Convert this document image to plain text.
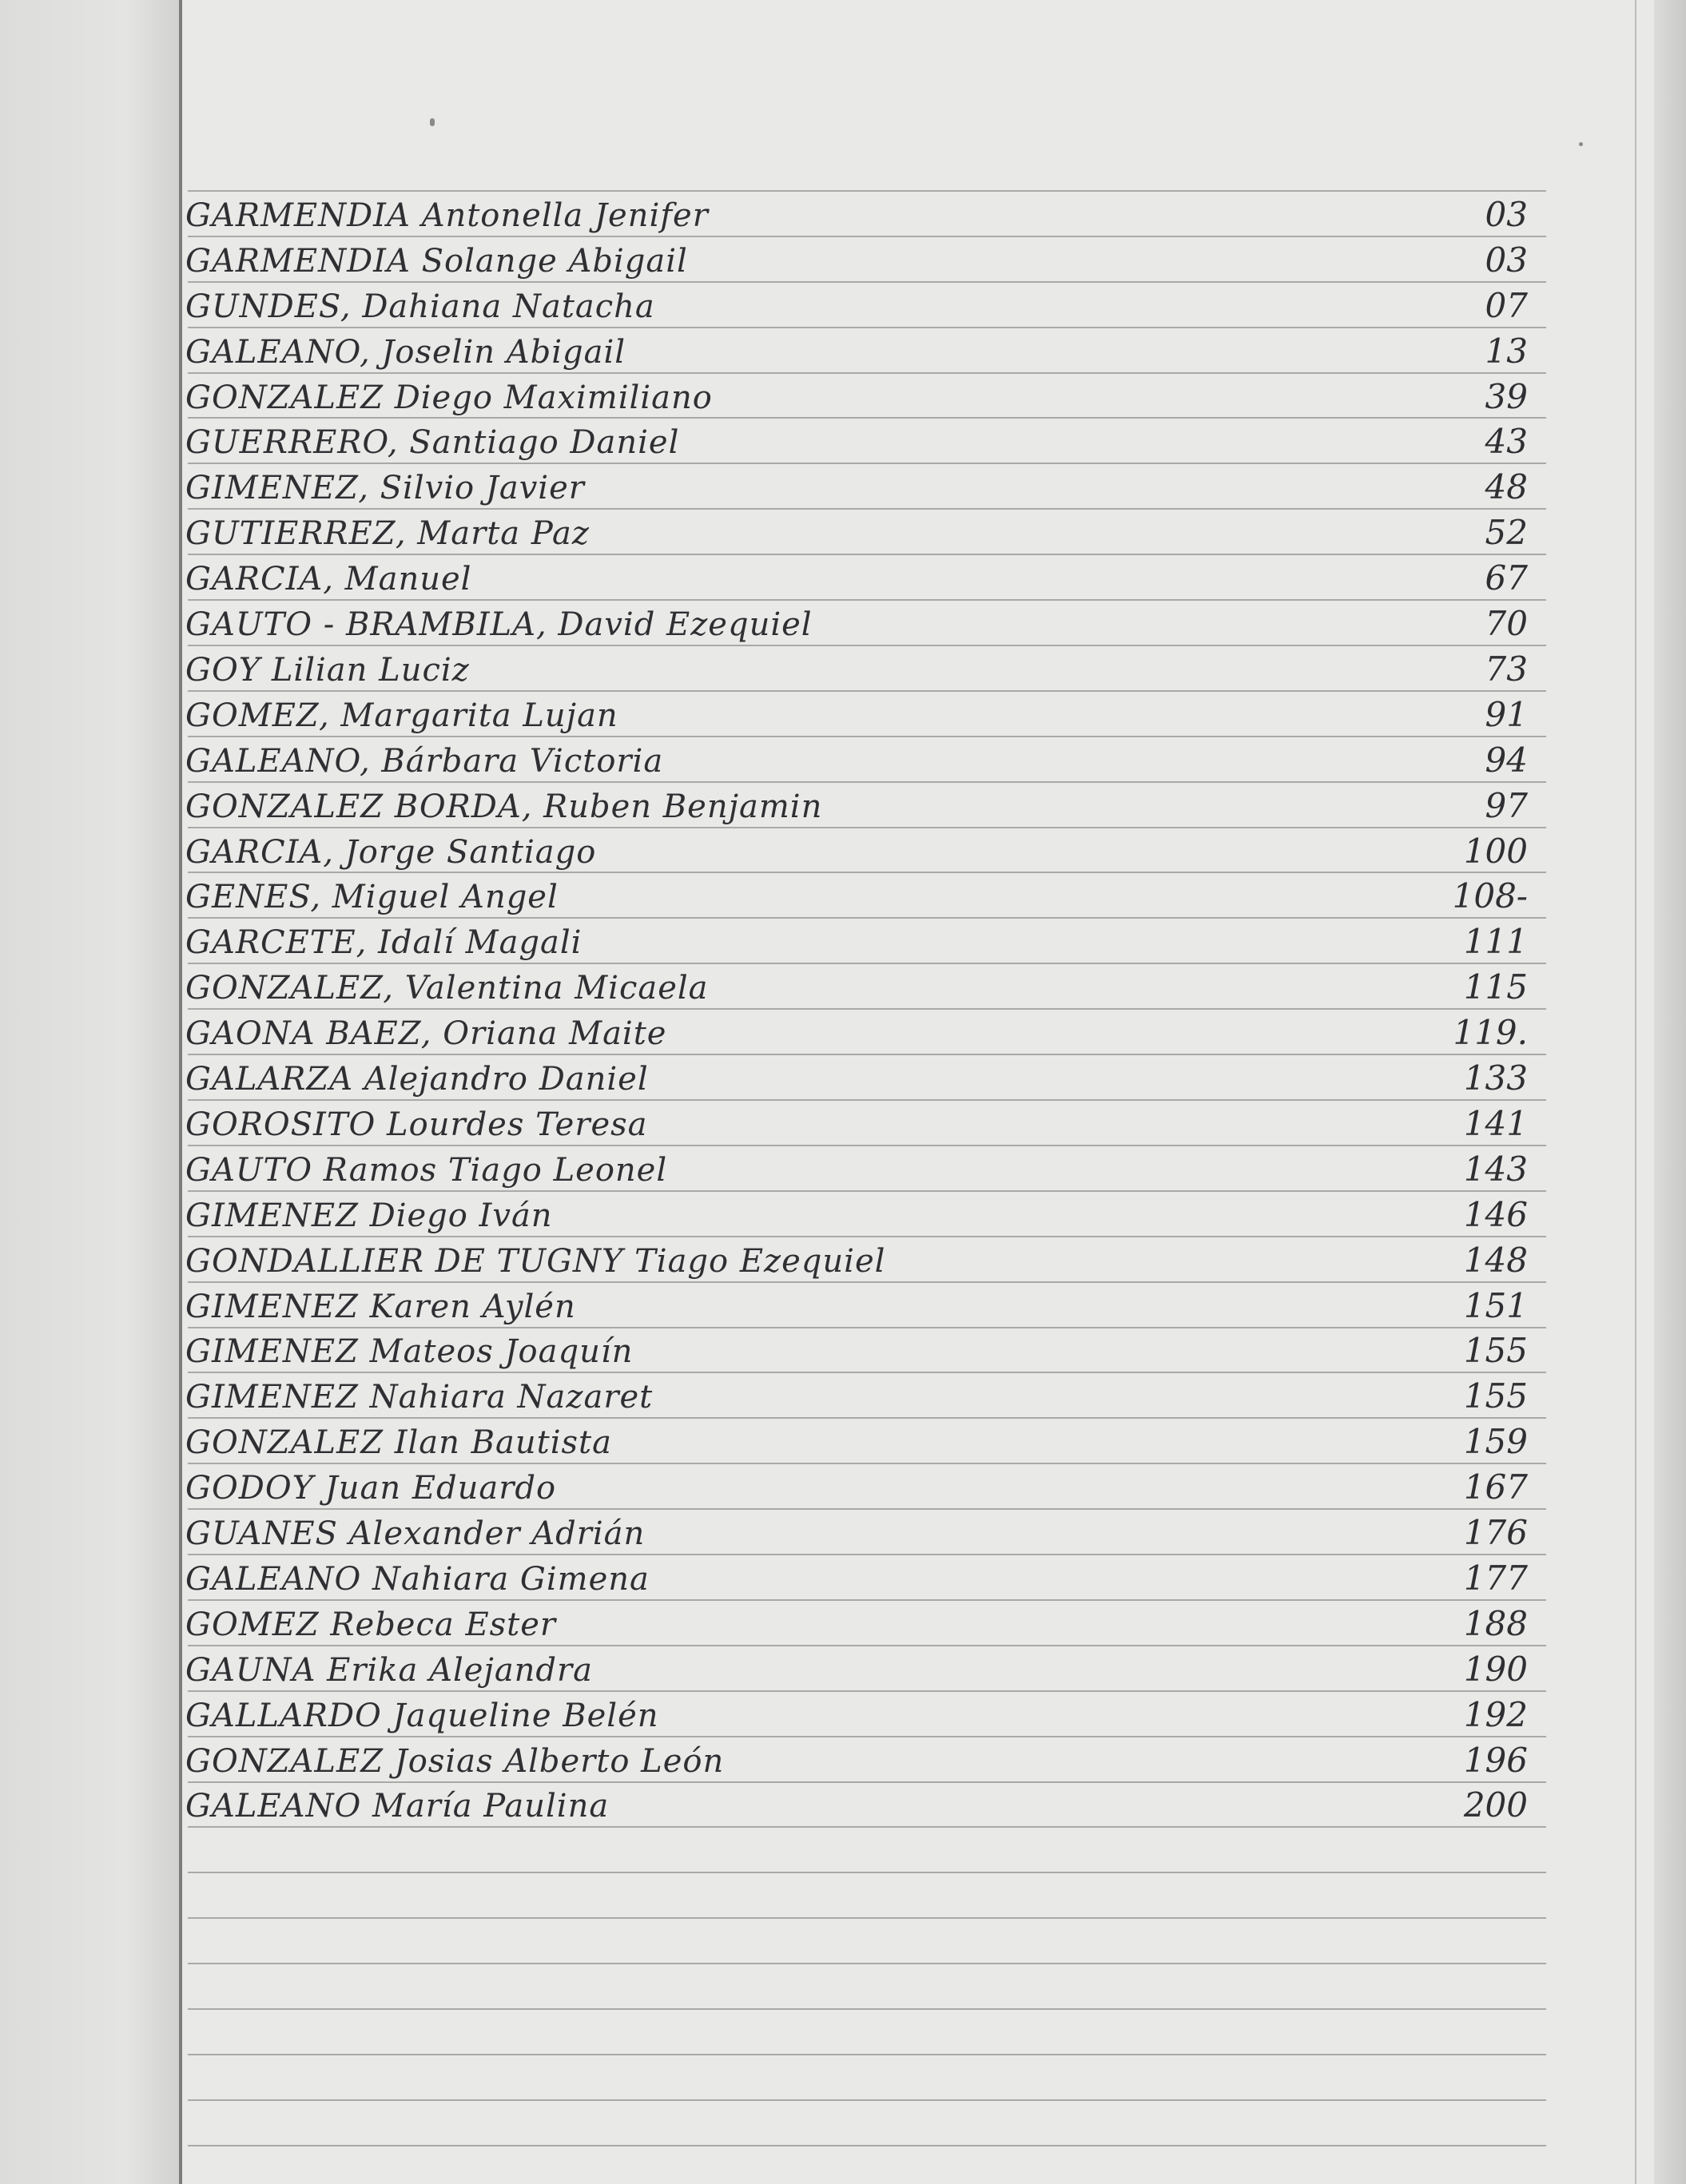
GARMENDIA Antonella Jenifer	03
GARMENDIA Solange Abigail	03
GUNDES, Dahiana Natacha	07
GALEANO, Joselin Abigail	13
GONZALEZ Diego Maximiliano	39
GUERRERO, Santiago Daniel	43
GIMENEZ, Silvio Javier	48
GUTIERREZ, Marta Paz	52
GARCIA, Manuel	67
GAUTO - BRAMBILA, David Ezequiel	70
GOY Lilian Luciz	73
GOMEZ, Margarita Lujan	91
GALEANO, Bárbara Victoria	94
GONZALEZ BORDA, Ruben Benjamin	97
GARCIA, Jorge Santiago	100
GENES, Miguel Angel	108-
GARCETE, Idalí Magali	111
GONZALEZ, Valentina Micaela	115
GAONA BAEZ, Oriana Maite	119.
GALARZA Alejandro Daniel	133
GOROSITO Lourdes Teresa	141
GAUTO Ramos Tiago Leonel	143
GIMENEZ Diego Iván	146
GONDALLIER DE TUGNY Tiago Ezequiel	148
GIMENEZ Karen Aylén	151
GIMENEZ Mateos Joaquín	155
GIMENEZ Nahiara Nazaret	155
GONZALEZ Ilan Bautista	159
GODOY Juan Eduardo	167
GUANES Alexander Adrián	176
GALEANO Nahiara Gimena	177
GOMEZ Rebeca Ester	188
GAUNA Erika Alejandra	190
GALLARDO Jaqueline Belén	192
GONZALEZ Josias Alberto León	196
GALEANO María Paulina	200
